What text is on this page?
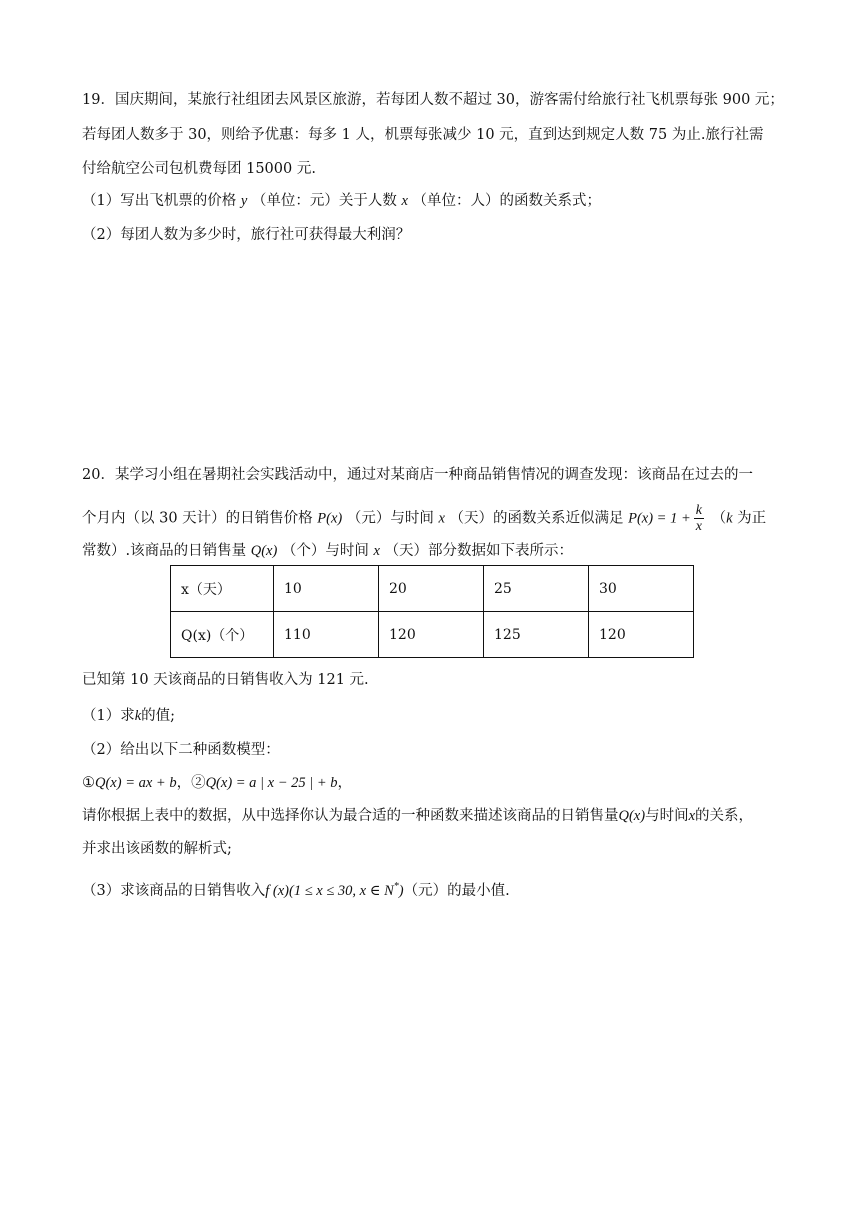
19．国庆期间，某旅行社组团去风景区旅游，若每团人数不超过 30，游客需付给旅行社飞机票每张 900 元；
若每团人数多于 30，则给予优惠：每多 1 人，机票每张减少 10 元，直到达到规定人数 75 为止.旅行社需
付给航空公司包机费每团 15000 元.
（1）写出飞机票的价格 y （单位：元）关于人数 x （单位：人）的函数关系式；
（2）每团人数为多少时，旅行社可获得最大利润？
20．某学习小组在暑期社会实践活动中，通过对某商店一种商品销售情况的调查发现：该商品在过去的一
个月内（以 30 天计）的日销售价格 P(x) （元）与时间 x （天）的函数关系近似满足 $P(x) = 1 + \frac{k}{x} (k$ 为正
常数）.该商品的日销售量 Q(x) （个）与时间 x （天）部分数据如下表所示：
x（天）	10	20	25	30
Q(x)（个）	110	120	125	120
已知第 10 天该商品的日销售收入为 121 元.
（1）求k的值;
（2）给出以下二种函数模型：
①Q(x) = ax + b，②Q(x) = a | x − 25 | + b，
请你根据上表中的数据，从中选择你认为最合适的一种函数来描述该商品的日销售量Q(x)与时间x的关系，
并求出该函数的解析式;
（3）求该商品的日销售收入f (x)(1 ≤ x ≤ 30, x ∈ N*)（元）的最小值.
